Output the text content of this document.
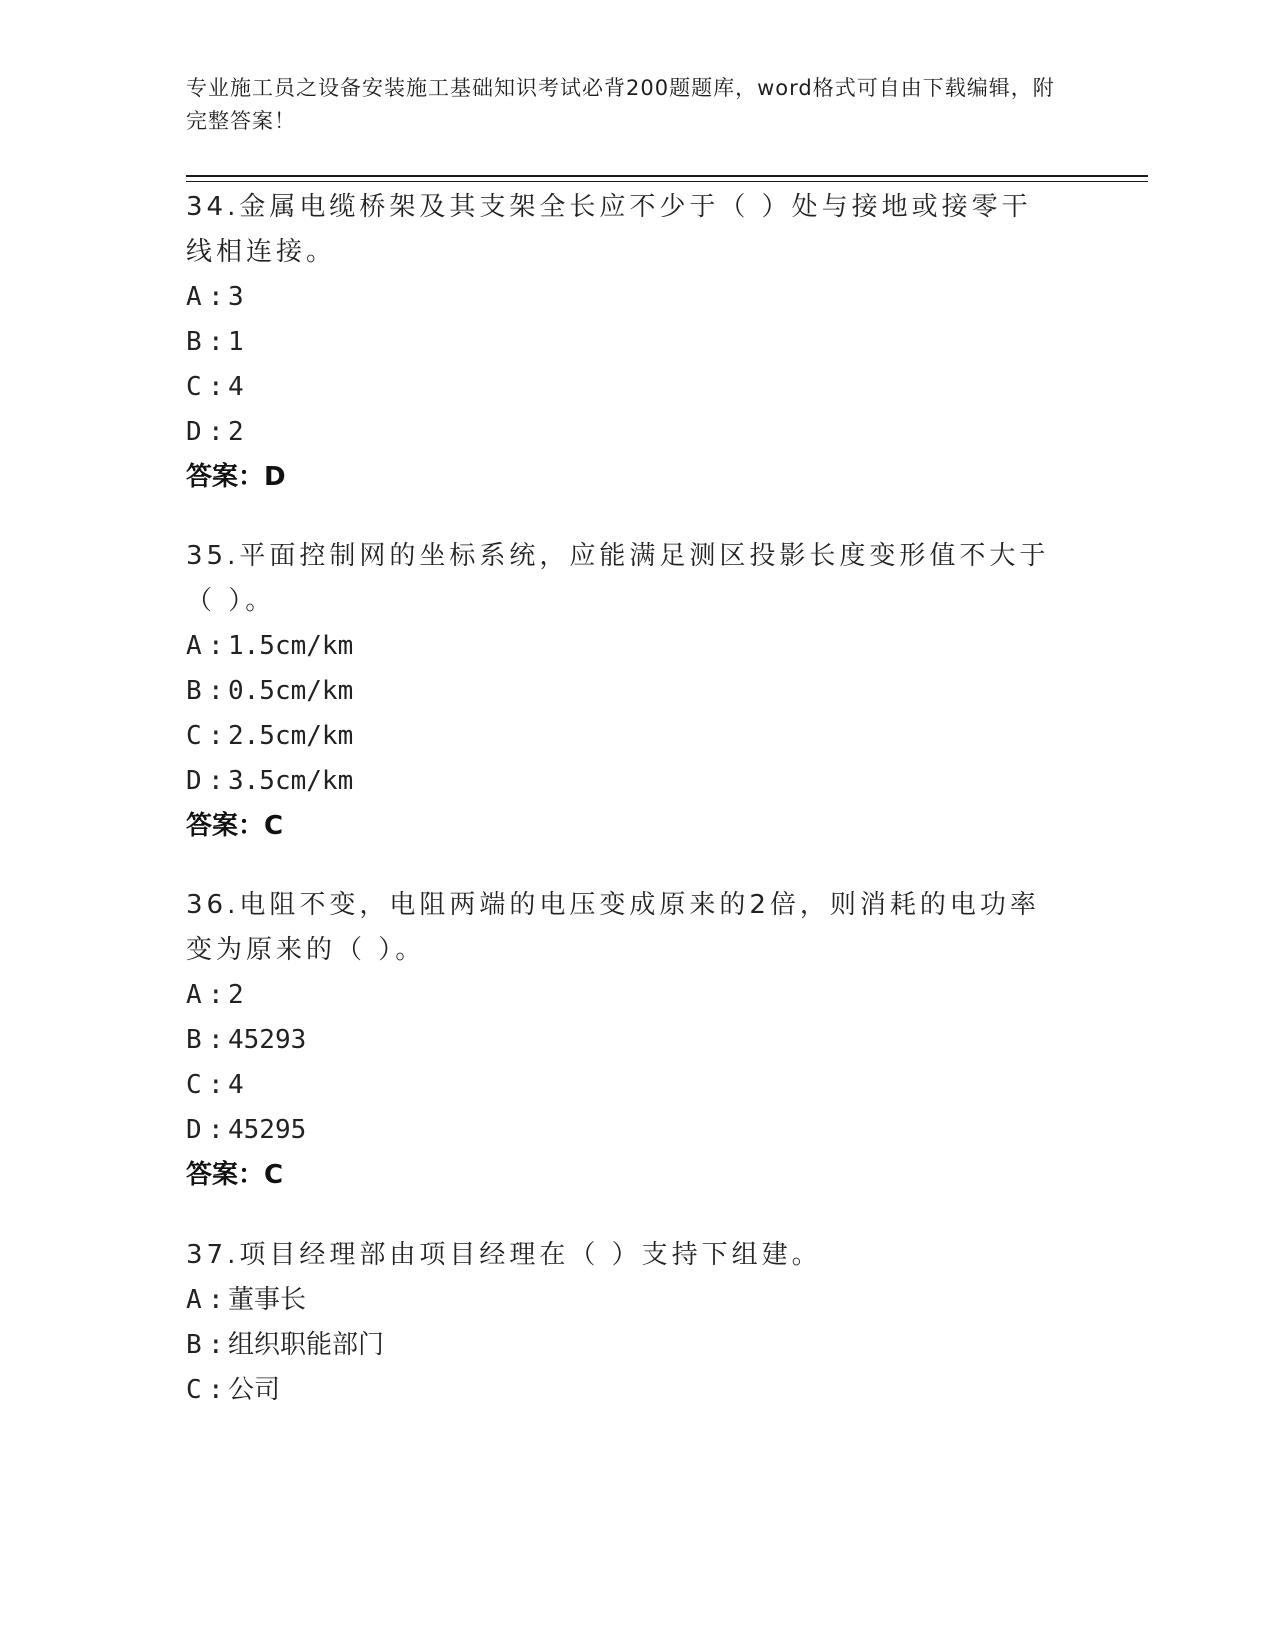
专业施工员之设备安装施工基础知识考试必背200题题库，word格式可自由下载编辑，附完整答案！

34.金属电缆桥架及其支架全长应不少于（ ）处与接地或接零干线相连接。

A : 3
B : 1
C : 4
D : 2
答案：D

35.平面控制网的坐标系统，应能满足测区投影长度变形值不大于（ ）。

A : 1.5cm/km
B : 0.5cm/km
C : 2.5cm/km
D : 3.5cm/km
答案：C

36.电阻不变，电阻两端的电压变成原来的2倍，则消耗的电功率变为原来的（ ）。

A : 2
B : 45293
C : 4
D : 45295
答案：C

37.项目经理部由项目经理在（ ）支持下组建。

A : 董事长
B : 组织职能部门
C : 公司
